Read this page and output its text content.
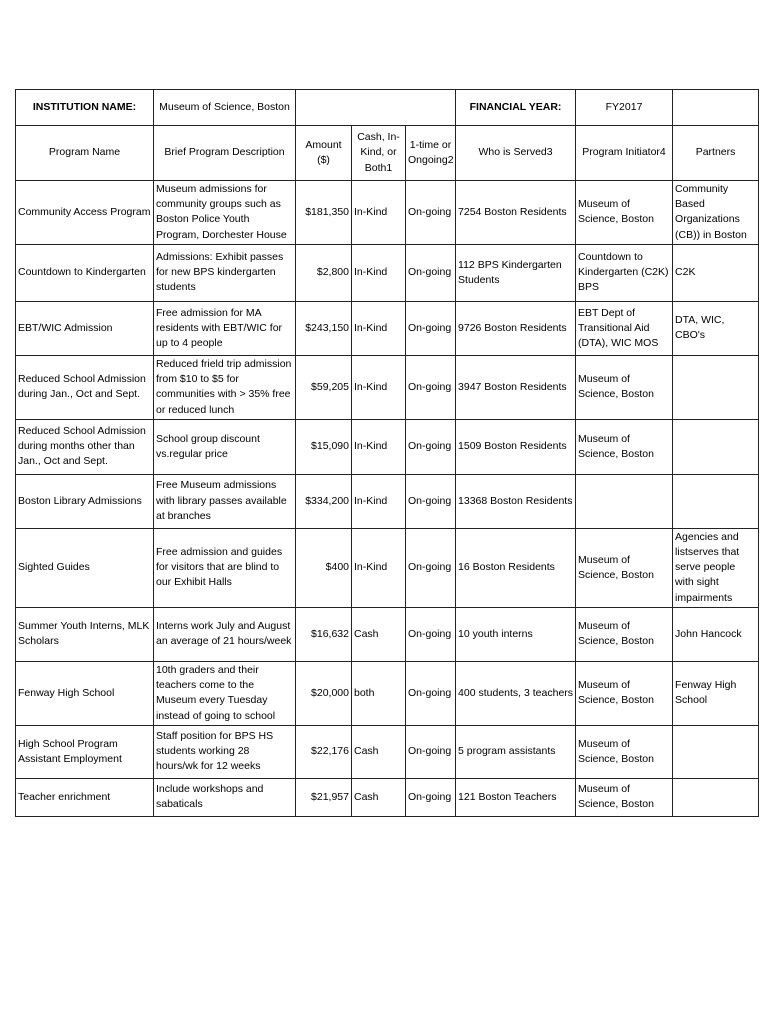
INSTITUTION NAME:	Museum of Science, Boston				FINANCIAL YEAR:	FY2017	
Program Name	Brief Program Description	Amount ($)	Cash, In-Kind, or Both1	1-time or Ongoing2	Who is Served3	Program Initiator4	Partners
Community Access Program	Museum admissions for community groups such as Boston Police Youth Program, Dorchester House	$181,350	In-Kind	On-going	7254 Boston Residents	Museum of Science, Boston	Community Based Organizations (CB)) in Boston
Countdown to Kindergarten	Admissions: Exhibit passes for new BPS kindergarten students	$2,800	In-Kind	On-going	112 BPS Kindergarten Students	Countdown to Kindergarten (C2K) BPS	C2K
EBT/WIC Admission	Free admission for MA residents with EBT/WIC for up to 4 people	$243,150	In-Kind	On-going	9726 Boston Residents	EBT Dept of Transitional Aid (DTA), WIC MOS	DTA, WIC, CBO's
Reduced School Admission during Jan., Oct and Sept.	Reduced frield trip admission from $10 to $5 for communities with > 35% free or reduced lunch	$59,205	In-Kind	On-going	3947 Boston Residents	Museum of Science, Boston	
Reduced School Admission during months other than Jan., Oct and Sept.	School group discount vs.regular price	$15,090	In-Kind	On-going	1509 Boston Residents	Museum of Science, Boston	
Boston Library Admissions	Free Museum admissions with library passes available at branches	$334,200	In-Kind	On-going	13368 Boston Residents		
Sighted Guides	Free admission and guides for visitors that are blind to our Exhibit Halls	$400	In-Kind	On-going	16 Boston Residents	Museum of Science, Boston	Agencies and listserves that serve people with sight impairments
Summer Youth Interns, MLK Scholars	Interns work July and August an average of 21 hours/week	$16,632	Cash	On-going	10 youth interns	Museum of Science, Boston	John Hancock
Fenway High School	10th graders and their teachers come to the Museum every Tuesday instead of going to school	$20,000	both	On-going	400 students, 3 teachers	Museum of Science, Boston	Fenway High School
High School Program Assistant Employment	Staff position for BPS HS students working 28 hours/wk for 12 weeks	$22,176	Cash	On-going	5 program assistants	Museum of Science, Boston	
Teacher enrichment	Include workshops and sabaticals	$21,957	Cash	On-going	121 Boston Teachers	Museum of Science, Boston	
